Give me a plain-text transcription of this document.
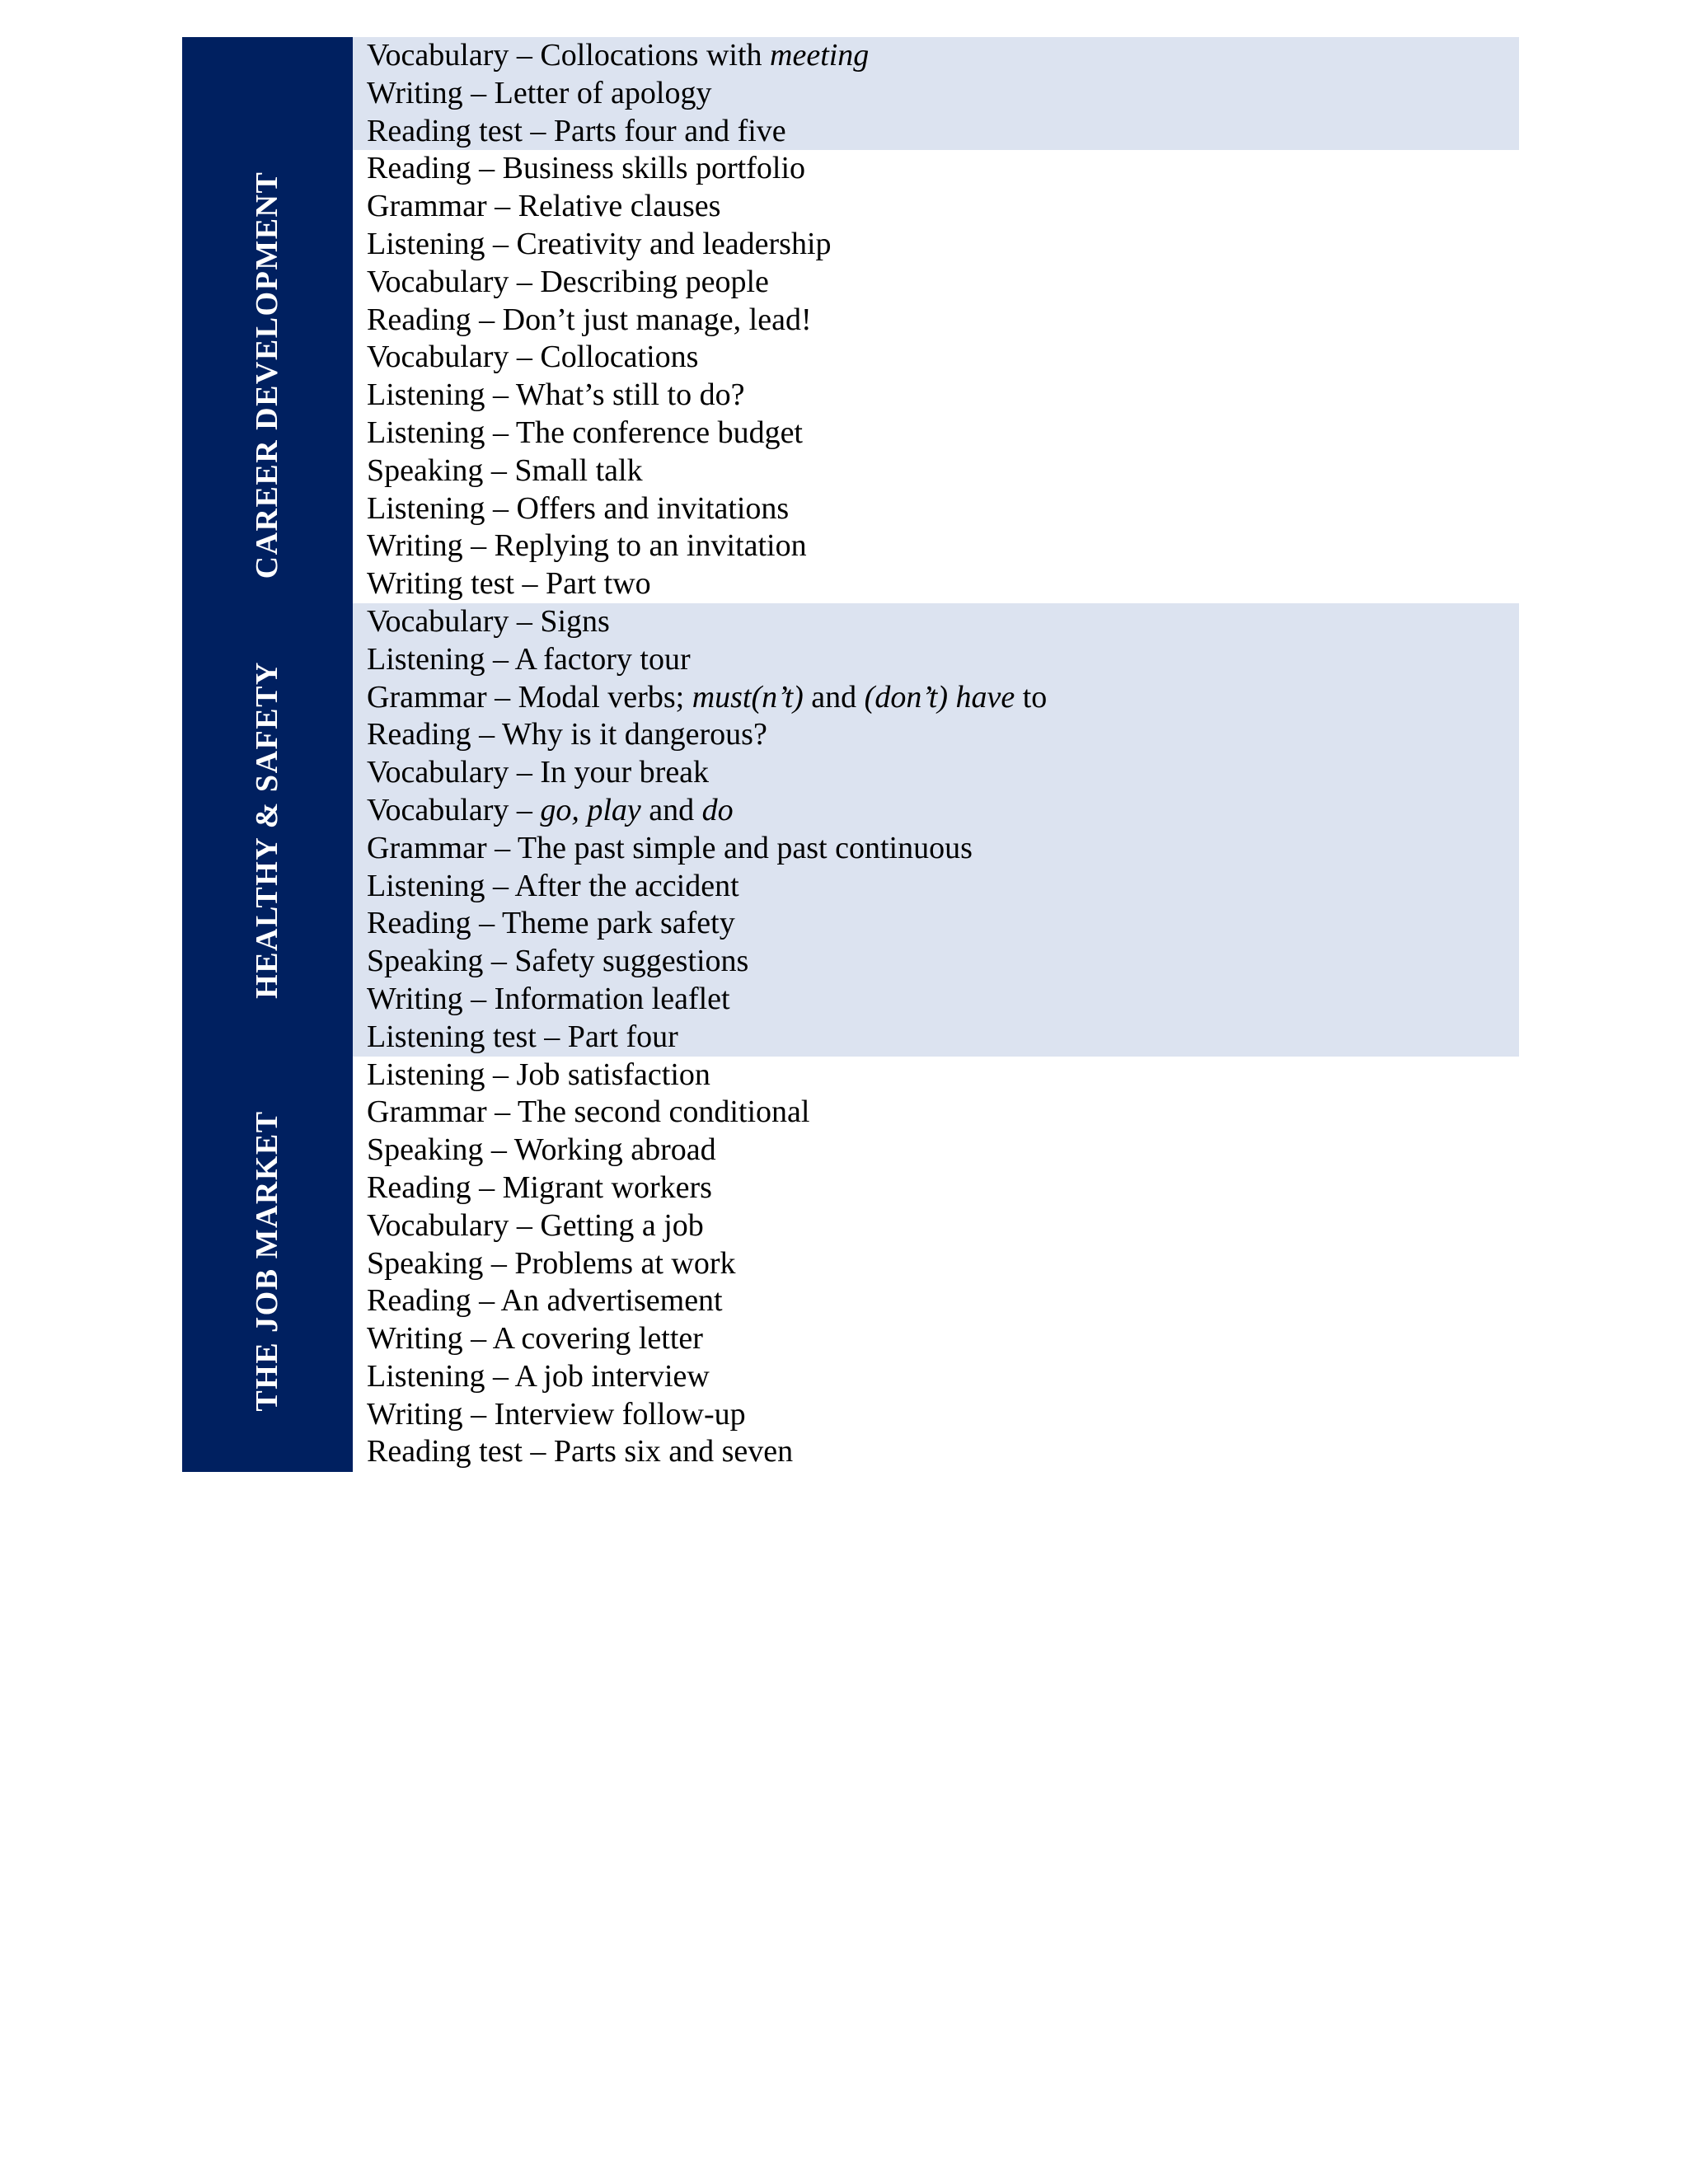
CAREER DEVELOPMENT
HEALTHY & SAFETY
THE JOB MARKET
Vocabulary – Collocations with meeting
Writing – Letter of apology
Reading test – Parts four and five
Reading – Business skills portfolio
Grammar – Relative clauses
Listening – Creativity and leadership
Vocabulary – Describing people
Reading – Don’t just manage, lead!
Vocabulary – Collocations
Listening – What’s still to do?
Listening – The conference budget
Speaking – Small talk
Listening – Offers and invitations
Writing – Replying to an invitation
Writing test – Part two
Vocabulary – Signs
Listening – A factory tour
Grammar – Modal verbs; must(n’t) and (don’t) have to
Reading – Why is it dangerous?
Vocabulary – In your break
Vocabulary – go, play and do
Grammar – The past simple and past continuous
Listening – After the accident
Reading – Theme park safety
Speaking – Safety suggestions
Writing – Information leaflet
Listening test – Part four
Listening – Job satisfaction
Grammar – The second conditional
Speaking – Working abroad
Reading – Migrant workers
Vocabulary – Getting a job
Speaking – Problems at work
Reading – An advertisement
Writing – A covering letter
Listening – A job interview
Writing – Interview follow-up
Reading test – Parts six and seven
